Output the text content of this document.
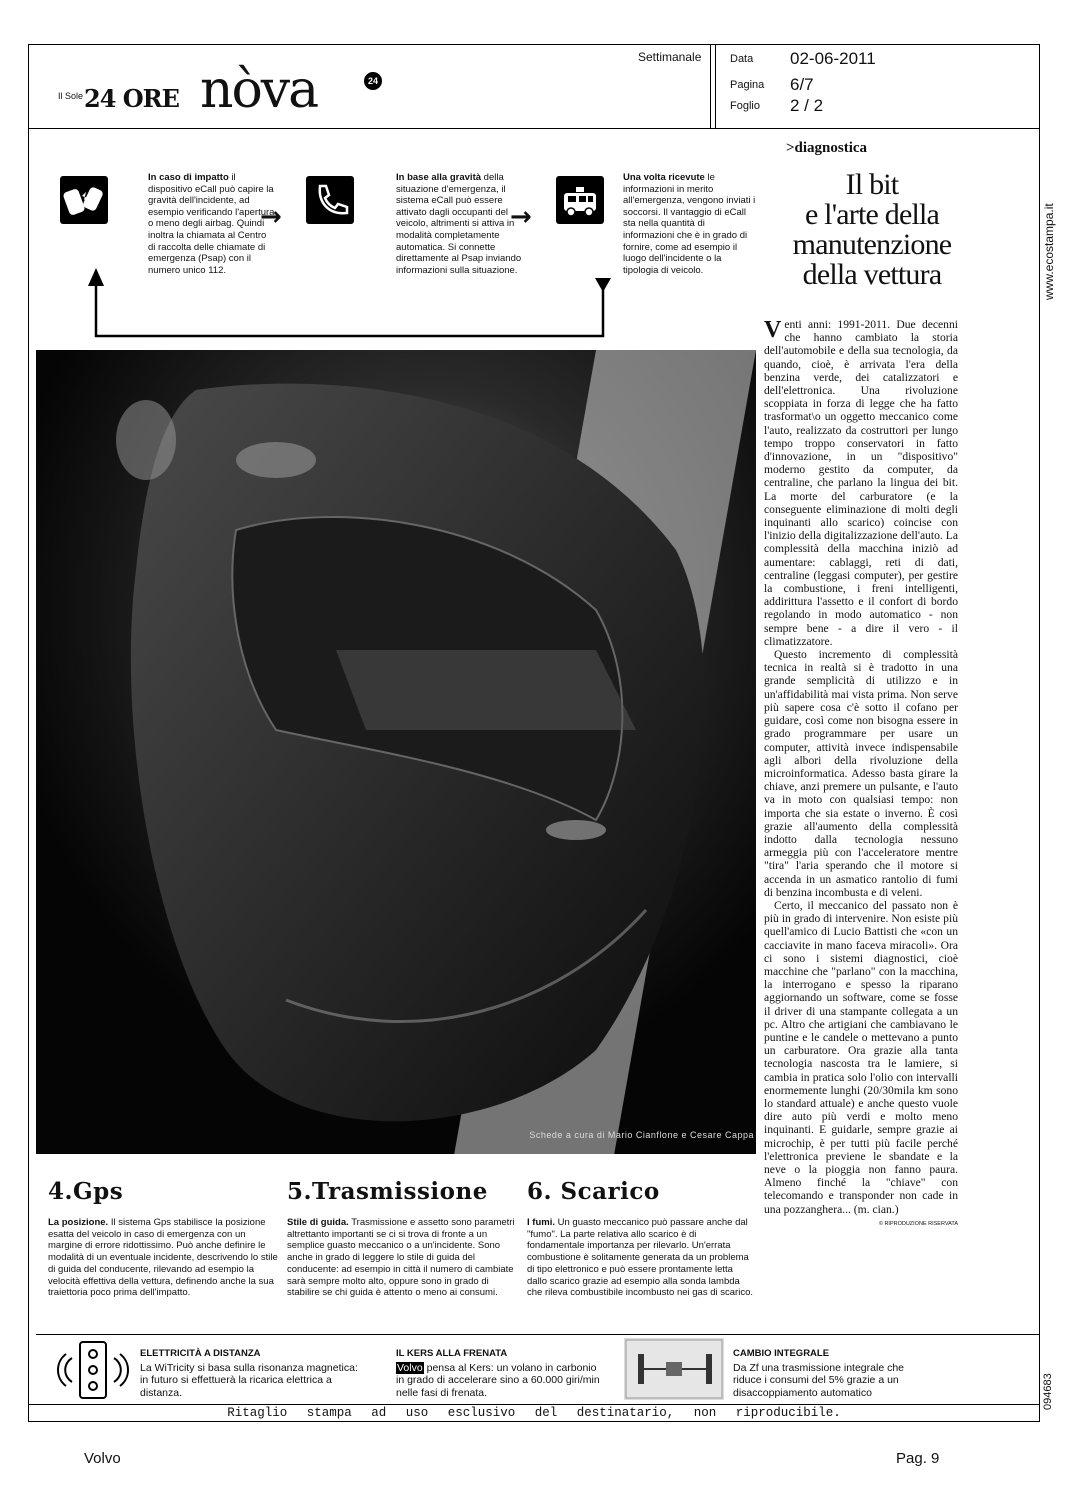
Il Sole 24 ORE nòva	24
Settimanale	Data 02-06-2011
Pagina 6/7
Foglio 2 / 2
www.ecostampa.it
094683
In caso di impatto il dispositivo eCall può capire la gravità dell'incidente, ad esempio verificando l'apertura o meno degli airbag. Quindi inoltra la chiamata al Centro di raccolta delle chiamate di emergenza (Psap) con il numero unico 112.
→
In base alla gravità della situazione d'emergenza, il sistema eCall può essere attivato dagli occupanti del veicolo, altrimenti si attiva in modalità completamente automatica. Si connette direttamente al Psap inviando informazioni sulla situazione.
→
Una volta ricevute le informazioni in merito all'emergenza, vengono inviati i soccorsi. Il vantaggio di eCall sta nella quantità di informazioni che è in grado di fornire, come ad esempio il luogo dell'incidente o la tipologia di veicolo.
Schede a cura di Mario Cianflone e Cesare Cappa
>diagnostica
Il bit
e l'arte della
manutenzione
della vettura

Venti anni: 1991-2011. Due decenni che hanno cambiato la storia dell'automobile e della sua tecnologia, da quando, cioè, è arrivata l'era della benzina verde, dei catalizzatori e dell'elettronica. Una rivoluzione scoppiata in forza di legge che ha fatto trasformat\o un oggetto meccanico come l'auto, realizzato da costruttori per lungo tempo troppo conservatori in fatto d'innovazione, in un "dispositivo" moderno gestito da computer, da centraline, che parlano la lingua dei bit. La morte del carburatore (e la conseguente eliminazione di molti degli inquinanti allo scarico) coincise con l'inizio della digitalizzazione dell'auto. La complessità della macchina iniziò ad aumentare: cablaggi, reti di dati, centraline (leggasi computer), per gestire la combustione, i freni intelligenti, addirittura l'assetto e il confort di bordo regolando in modo automatico - non sempre bene - a dire il vero - il climatizzatore.

Questo incremento di complessità tecnica in realtà si è tradotto in una grande semplicità di utilizzo e in un'affidabilità mai vista prima. Non serve più sapere cosa c'è sotto il cofano per guidare, così come non bisogna essere in grado programmare per usare un computer, attività invece indispensabile agli albori della rivoluzione della microinformatica. Adesso basta girare la chiave, anzi premere un pulsante, e l'auto va in moto con qualsiasi tempo: non importa che sia estate o inverno. È così grazie all'aumento della complessità indotto dalla tecnologia nessuno armeggia più con l'acceleratore mentre "tira" l'aria sperando che il motore si accenda in un asmatico rantolio di fumi di benzina incombusta e di veleni.

Certo, il meccanico del passato non è più in grado di intervenire. Non esiste più quell'amico di Lucio Battisti che «con un cacciavite in mano faceva miracoli». Ora ci sono i sistemi diagnostici, cioè macchine che "parlano" con la macchina, la interrogano e spesso la riparano aggiornando un software, come se fosse il driver di una stampante collegata a un pc. Altro che artigiani che cambiavano le puntine e le candele o mettevano a punto un carburatore. Ora grazie alla tanta tecnologia nascosta tra le lamiere, si cambia in pratica solo l'olio con intervalli enormemente lunghi (20/30mila km sono lo standard attuale) e anche questo vuole dire auto più verdi e molto meno inquinanti. E guidarle, sempre grazie ai microchip, è per tutti più facile perché l'elettronica previene le sbandate e la neve o la pioggia non fanno paura. Almeno finché la "chiave" con telecomando e transponder non cade in una pozzanghera... (m. cian.)

© RIPRODUZIONE RISERVATA
4.Gps
La posizione. Il sistema Gps stabilisce la posizione esatta del veicolo in caso di emergenza con un margine di errore ridottissimo. Può anche definire le modalità di un eventuale incidente, descrivendo lo stile di guida del conducente, rilevando ad esempio la velocità effettiva della vettura, definendo anche la sua traiettoria poco prima dell'impatto.
5.Trasmissione
Stile di guida. Trasmissione e assetto sono parametri altrettanto importanti se ci si trova di fronte a un semplice guasto meccanico o a un'incidente. Sono anche in grado di leggere lo stile di guida del conducente: ad esempio in città il numero di cambiate sarà sempre molto alto, oppure sono in grado di stabilire se chi guida è attento o meno ai consumi.
6. Scarico
I fumi. Un guasto meccanico può passare anche dal "fumo". La parte relativa allo scarico è di fondamentale importanza per rilevarlo. Un'errata combustione è solitamente generata da un problema di tipo elettronico e può essere prontamente letta dallo scarico grazie ad esempio alla sonda lambda che rileva combustibile incombusto nei gas di scarico.
ELETTRICITÀ A DISTANZA
La WiTricity si basa sulla risonanza magnetica: in futuro si effettuerà la ricarica elettrica a distanza.
IL KERS ALLA FRENATA
Volvo pensa al Kers: un volano in carbonio in grado di accelerare sino a 60.000 giri/min nelle fasi di frenata.
CAMBIO INTEGRALE
Da Zf una trasmissione integrale che riduce i consumi del 5% grazie a un disaccoppiamento automatico
Ritaglio stampa ad uso esclusivo del destinatario, non riproducibile.
Volvo	Pag. 9
